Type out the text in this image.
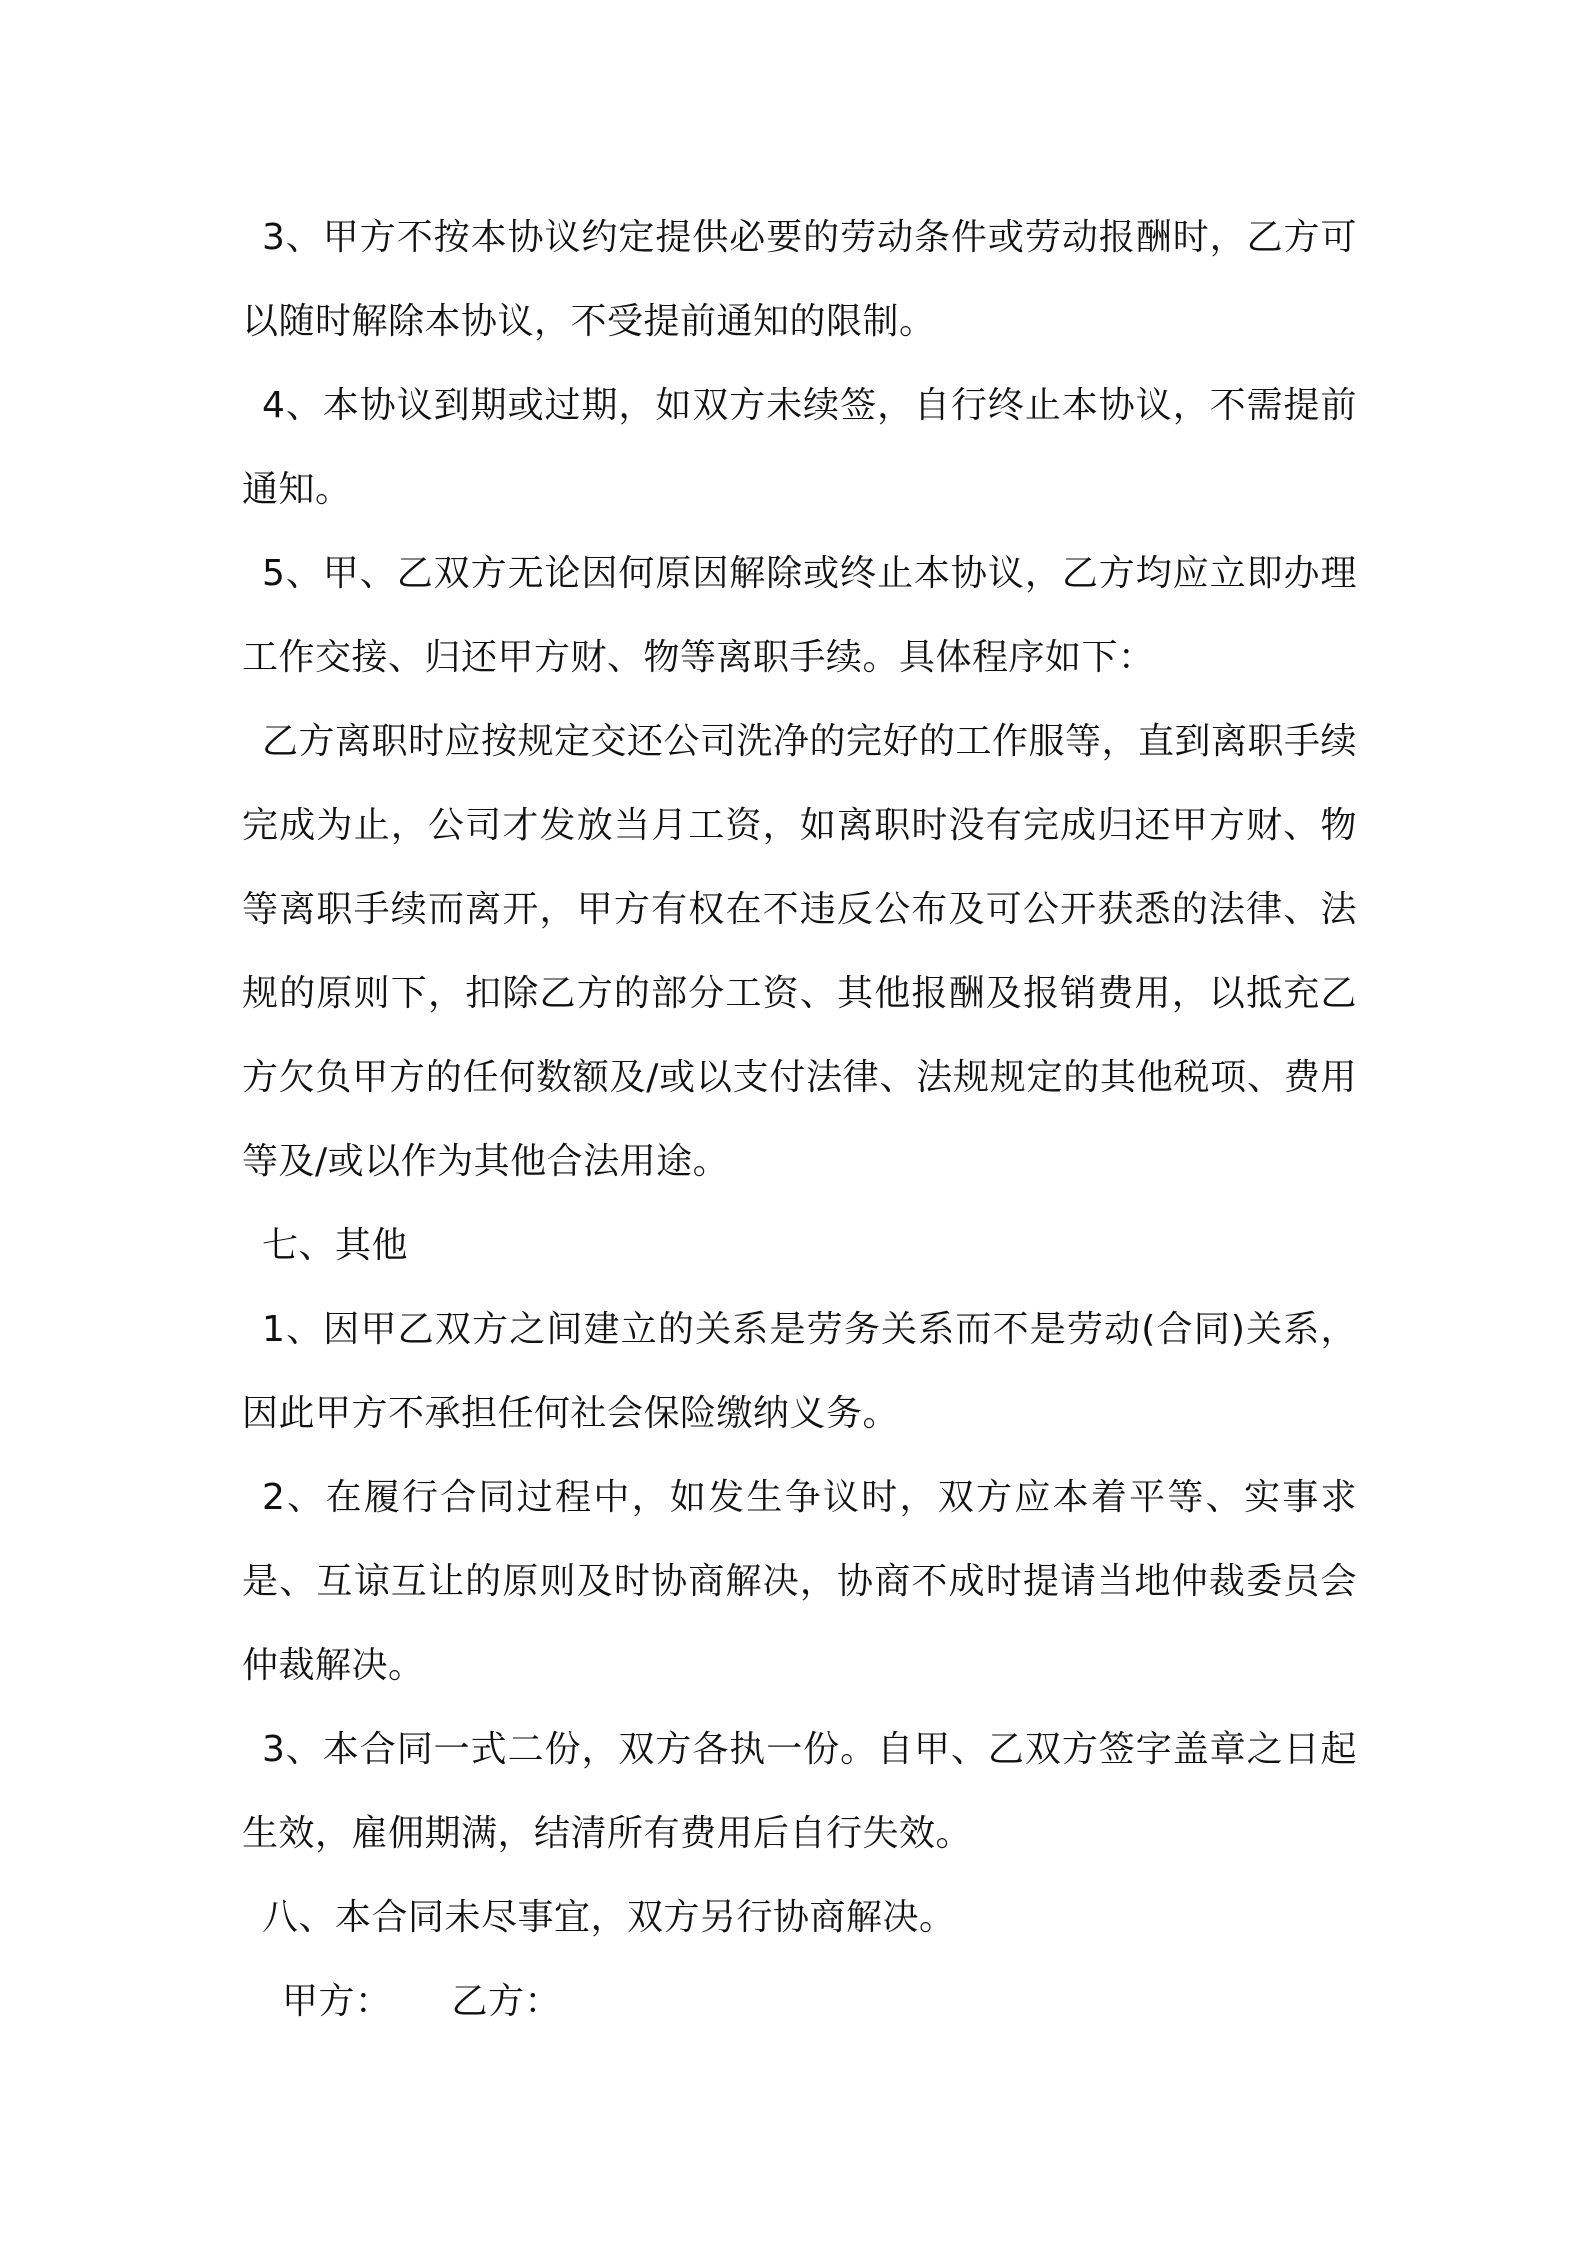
3、甲方不按本协议约定提供必要的劳动条件或劳动报酬时，乙方可以随时解除本协议，不受提前通知的限制。

4、本协议到期或过期，如双方未续签，自行终止本协议，不需提前通知。

5、甲、乙双方无论因何原因解除或终止本协议，乙方均应立即办理工作交接、归还甲方财、物等离职手续。具体程序如下：

乙方离职时应按规定交还公司洗净的完好的工作服等，直到离职手续完成为止，公司才发放当月工资，如离职时没有完成归还甲方财、物等离职手续而离开，甲方有权在不违反公布及可公开获悉的法律、法规的原则下，扣除乙方的部分工资、其他报酬及报销费用，以抵充乙方欠负甲方的任何数额及/或以支付法律、法规规定的其他税项、费用等及/或以作为其他合法用途。

七、其他

1、因甲乙双方之间建立的关系是劳务关系而不是劳动(合同)关系，因此甲方不承担任何社会保险缴纳义务。

2、在履行合同过程中，如发生争议时，双方应本着平等、实事求是、互谅互让的原则及时协商解决，协商不成时提请当地仲裁委员会仲裁解决。

3、本合同一式二份，双方各执一份。自甲、乙双方签字盖章之日起生效，雇佣期满，结清所有费用后自行失效。

八、本合同未尽事宜，双方另行协商解决。

甲方： 乙方：
